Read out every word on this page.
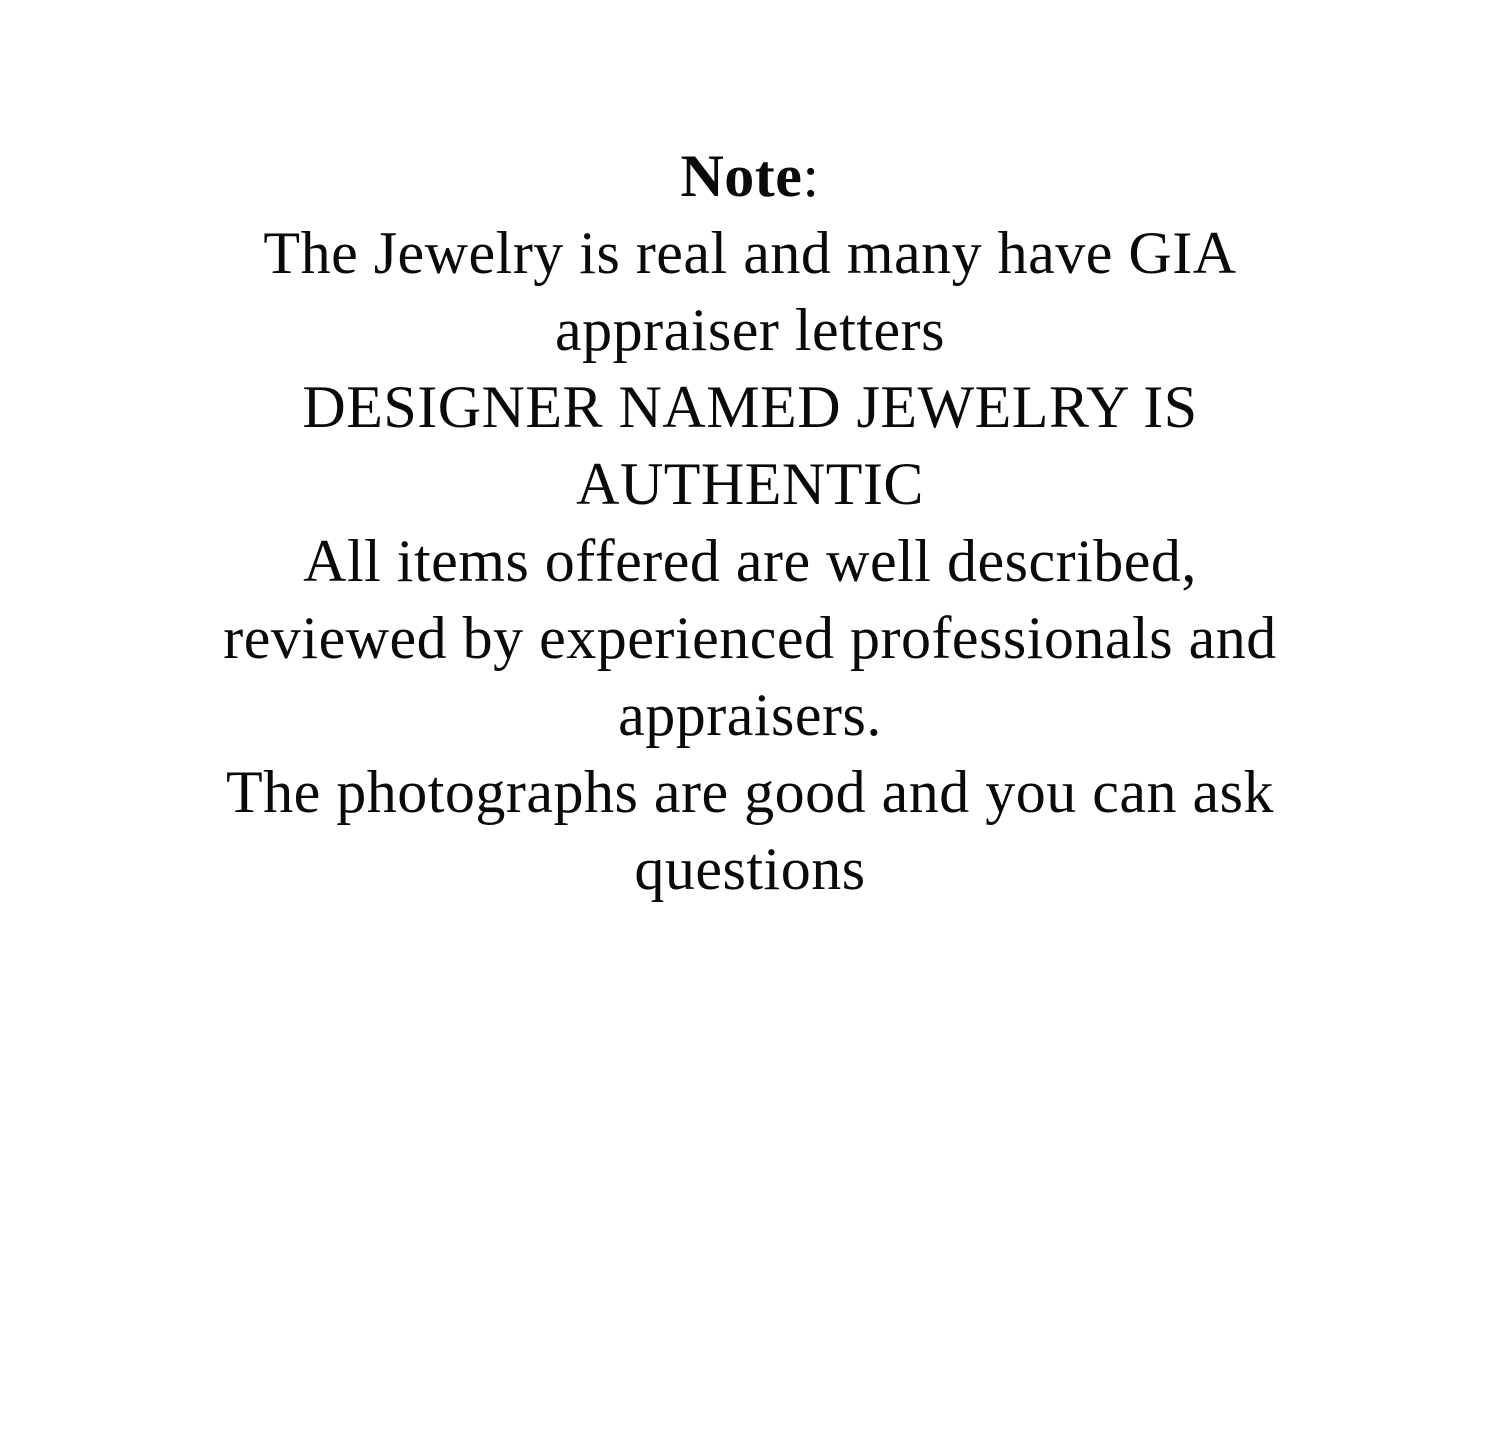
Note:
The Jewelry is real and many have GIA
appraiser letters
DESIGNER NAMED JEWELRY IS
AUTHENTIC
All items offered are well described,
reviewed by experienced professionals and
appraisers.
The photographs are good and you can ask
questions
